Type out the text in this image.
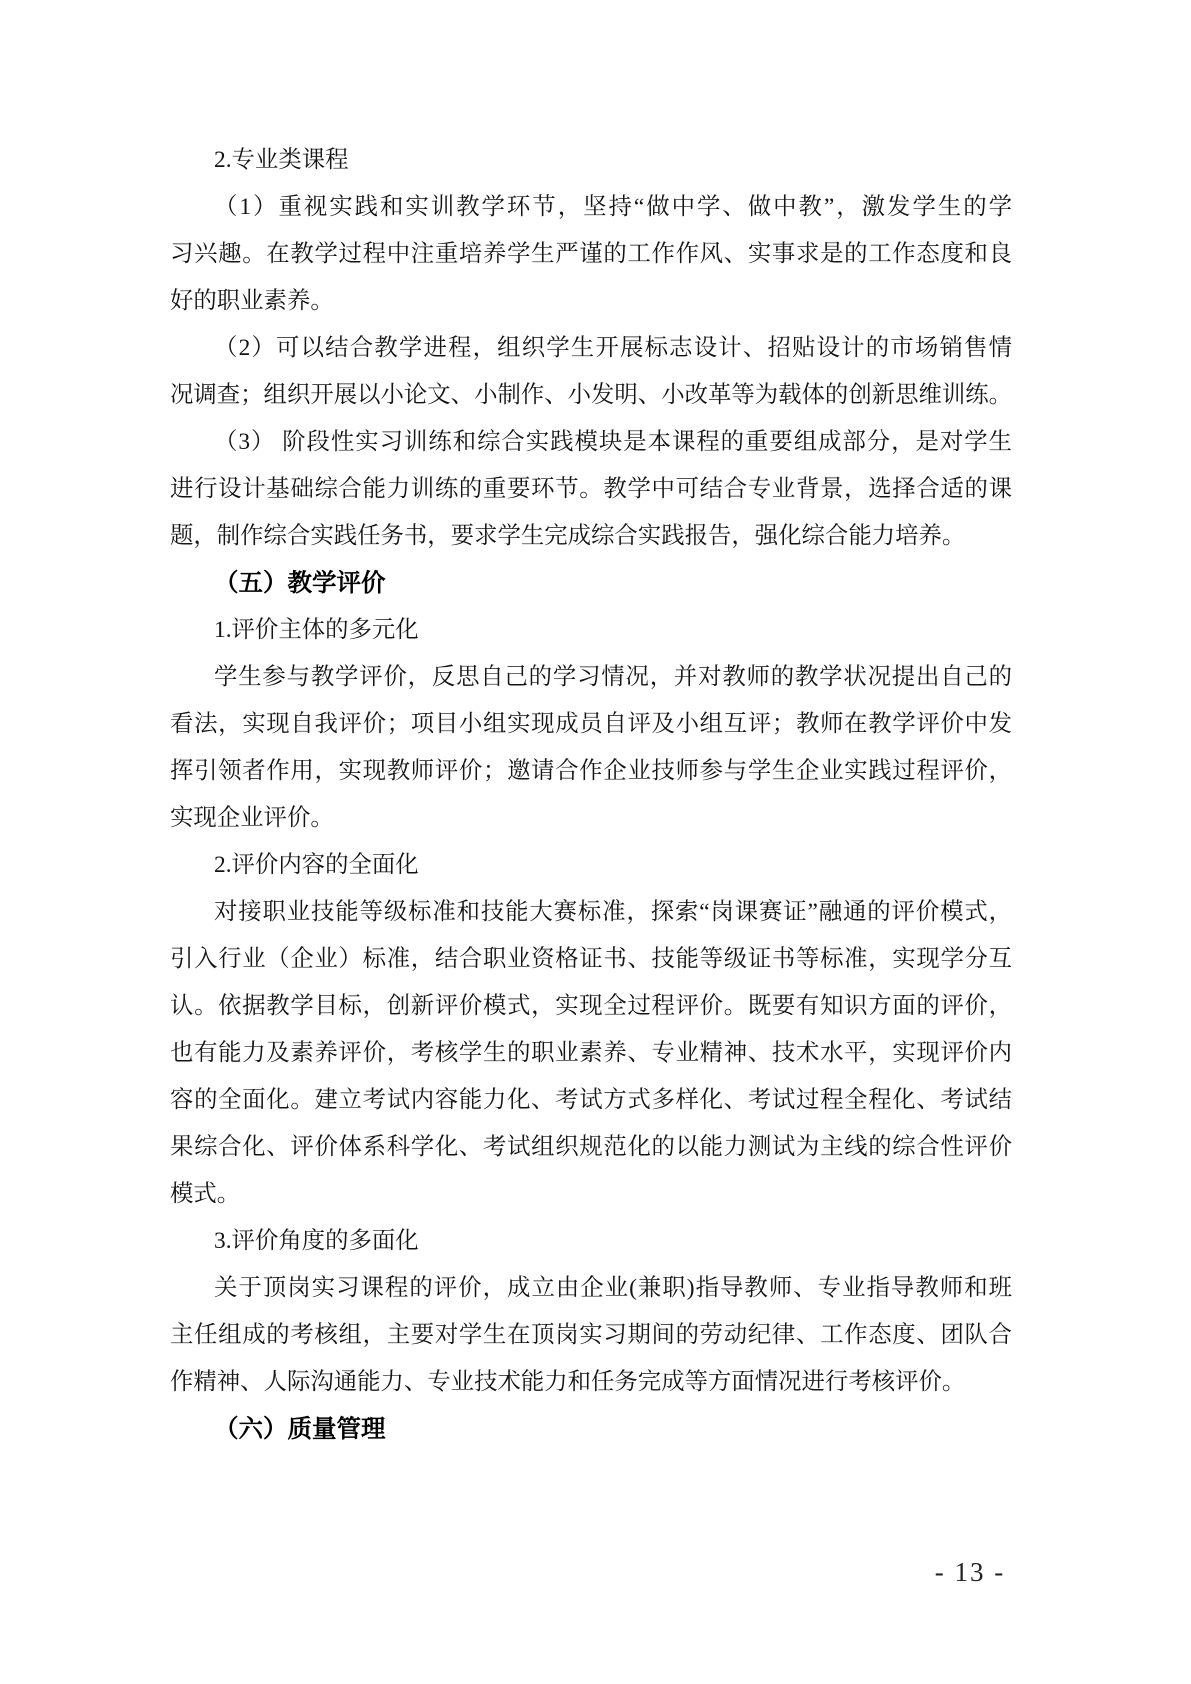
2.专业类课程
（1）重视实践和实训教学环节，坚持“做中学、做中教”，激发学生的学
习兴趣。在教学过程中注重培养学生严谨的工作作风、实事求是的工作态度和良
好的职业素养。
（2）可以结合教学进程，组织学生开展标志设计、招贴设计的市场销售情
况调查；组织开展以小论文、小制作、小发明、小改革等为载体的创新思维训练。
（3） 阶段性实习训练和综合实践模块是本课程的重要组成部分，是对学生
进行设计基础综合能力训练的重要环节。教学中可结合专业背景，选择合适的课
题，制作综合实践任务书，要求学生完成综合实践报告，强化综合能力培养。
（五）教学评价
1.评价主体的多元化
学生参与教学评价，反思自己的学习情况，并对教师的教学状况提出自己的
看法，实现自我评价；项目小组实现成员自评及小组互评；教师在教学评价中发
挥引领者作用，实现教师评价；邀请合作企业技师参与学生企业实践过程评价，
实现企业评价。
2.评价内容的全面化
对接职业技能等级标准和技能大赛标准，探索“岗课赛证”融通的评价模式，
引入行业（企业）标准，结合职业资格证书、技能等级证书等标准，实现学分互
认。依据教学目标，创新评价模式，实现全过程评价。既要有知识方面的评价，
也有能力及素养评价，考核学生的职业素养、专业精神、技术水平，实现评价内
容的全面化。建立考试内容能力化、考试方式多样化、考试过程全程化、考试结
果综合化、评价体系科学化、考试组织规范化的以能力测试为主线的综合性评价
模式。
3.评价角度的多面化
关于顶岗实习课程的评价，成立由企业(兼职)指导教师、专业指导教师和班
主任组成的考核组，主要对学生在顶岗实习期间的劳动纪律、工作态度、团队合
作精神、人际沟通能力、专业技术能力和任务完成等方面情况进行考核评价。
（六）质量管理
- 13 -
